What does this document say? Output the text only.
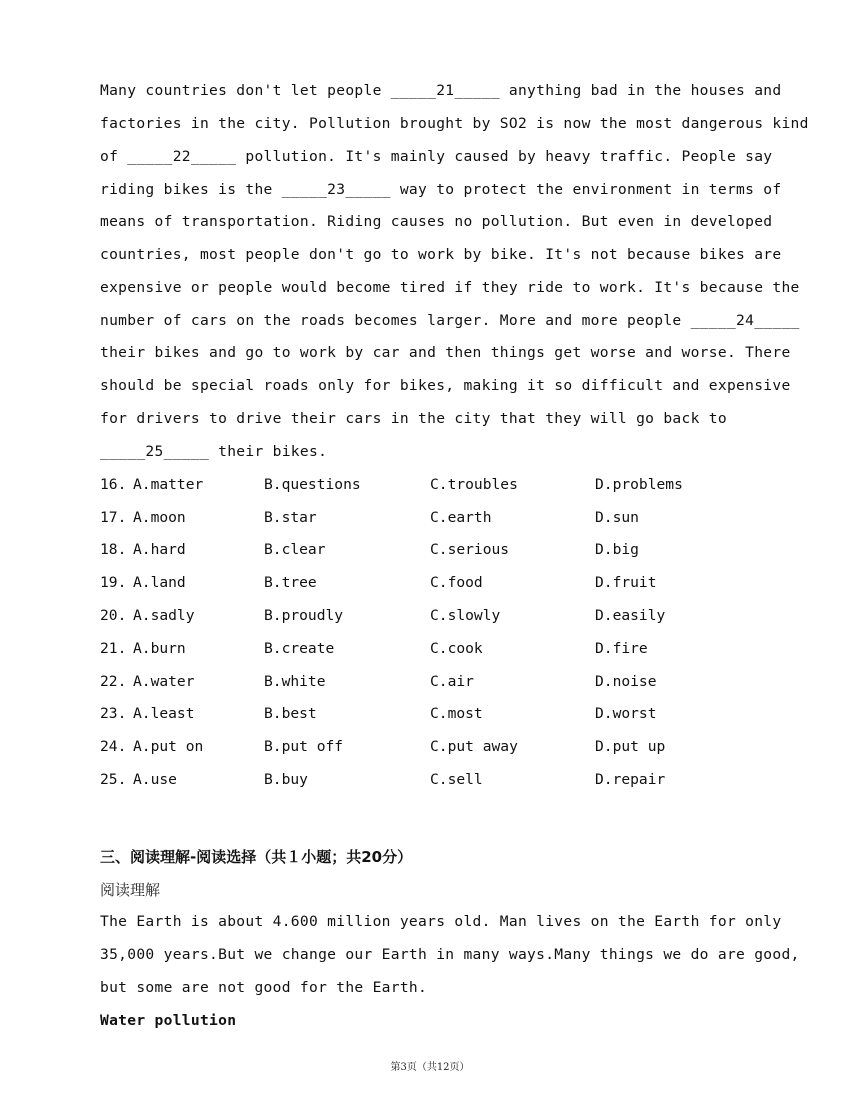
Many countries don't let people _____21_____ anything bad in the houses and
factories in the city. Pollution brought by SO2 is now the most dangerous kind
of _____22_____ pollution. It's mainly caused by heavy traffic. People say
riding bikes is the _____23_____ way to protect the environment in terms of
means of transportation. Riding causes no pollution. But even in developed
countries, most people don't go to work by bike. It's not because bikes are
expensive or people would become tired if they ride to work. It's because the
number of cars on the roads becomes larger. More and more people _____24_____
their bikes and go to work by car and then things get worse and worse. There
should be special roads only for bikes, making it so difficult and expensive
for drivers to drive their cars in the city that they will go back to
_____25_____ their bikes.
16. A.matter	B.questions	C.troubles	D.problems
17. A.moon	B.star	C.earth	D.sun
18. A.hard	B.clear	C.serious	D.big
19. A.land	B.tree	C.food	D.fruit
20. A.sadly	B.proudly	C.slowly	D.easily
21. A.burn	B.create	C.cook	D.fire
22. A.water	B.white	C.air	D.noise
23. A.least	B.best	C.most	D.worst
24. A.put on	B.put off	C.put away	D.put up
25. A.use	B.buy	C.sell	D.repair
三、阅读理解-阅读选择（共１小题；共20分）
阅读理解
The Earth is about 4.600 million years old. Man lives on the Earth for only
35,000 years.But we change our Earth in many ways.Many things we do are good,
but some are not good for the Earth.
Water pollution
第3页（共12页）
